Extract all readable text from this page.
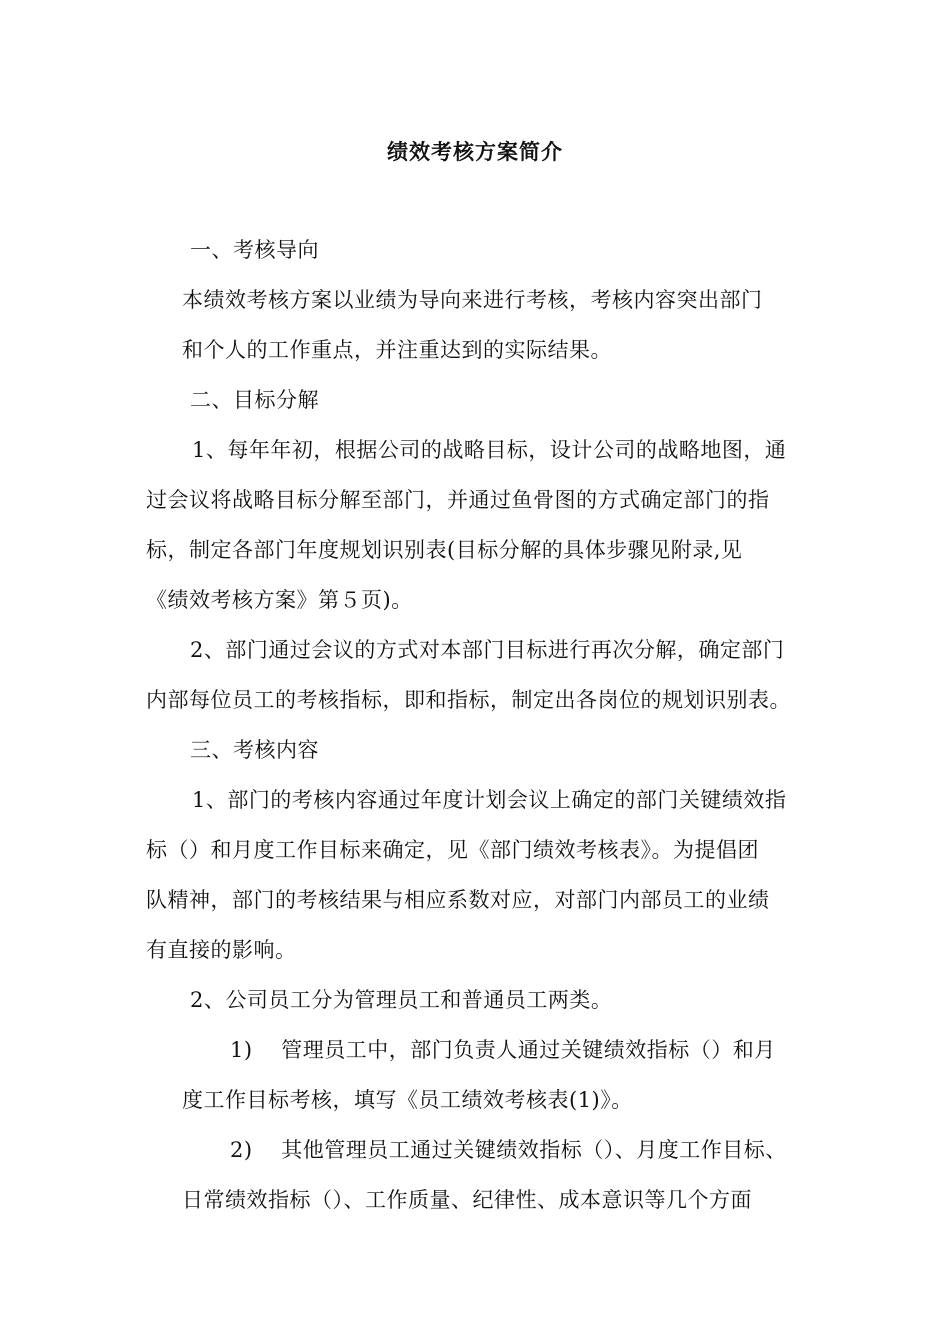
绩效考核方案简介
一、考核导向
本绩效考核方案以业绩为导向来进行考核，考核内容突出部门
和个人的工作重点，并注重达到的实际结果。
二、目标分解
1、每年年初，根据公司的战略目标，设计公司的战略地图，通
过会议将战略目标分解至部门，并通过鱼骨图的方式确定部门的指
标，制定各部门年度规划识别表(目标分解的具体步骤见附录,见
《绩效考核方案》第５页)。
2、部门通过会议的方式对本部门目标进行再次分解，确定部门
内部每位员工的考核指标，即和指标，制定出各岗位的规划识别表。
三、考核内容
1、部门的考核内容通过年度计划会议上确定的部门关键绩效指
标（）和月度工作目标来确定，见《部门绩效考核表》。为提倡团
队精神，部门的考核结果与相应系数对应，对部门内部员工的业绩
有直接的影响。
2、公司员工分为管理员工和普通员工两类。
1)　 管理员工中，部门负责人通过关键绩效指标（）和月
度工作目标考核，填写《员工绩效考核表(1)》。
2)　 其他管理员工通过关键绩效指标（）、月度工作目标、
日常绩效指标（）、工作质量、纪律性、成本意识等几个方面
